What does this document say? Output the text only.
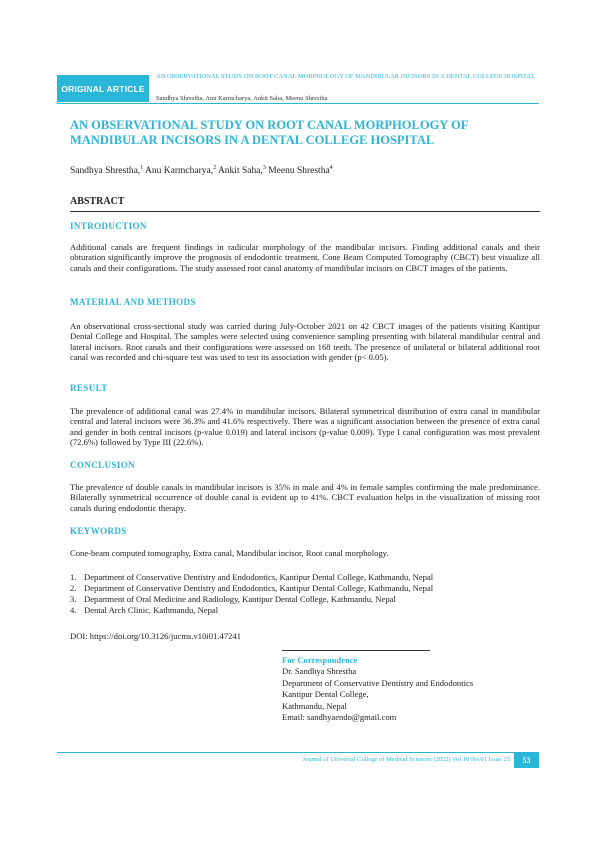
ORIGINAL ARTICLE
AN OBSERVATIONAL STUDY ON ROOT CANAL MORPHOLOGY OF MANDIBULAR INCISORS IN A DENTAL COLLEGE HOSPITAL
Sandhya Shrestha, Anu Karmcharya, Ankit Saha, Meenu Shrestha
AN OBSERVATIONAL STUDY ON ROOT CANAL MORPHOLOGY OF MANDIBULAR INCISORS IN A DENTAL COLLEGE HOSPITAL
Sandhya Shrestha,$^1$ Anu Karmcharya,$^2$ Ankit Saha,$^3$ Meenu Shrestha$^4$
ABSTRACT
INTRODUCTION
Additional canals are frequent findings in radicular morphology of the mandibular incisors. Finding additional canals and their obturation significantly improve the prognosis of endodontic treatment. Cone Beam Computed Tomography (CBCT) best visualize all canals and their configurations. The study assessed root canal anatomy of mandibular incisors on CBCT images of the patients.
MATERIAL AND METHODS
An observational cross-sectional study was carried during July-October 2021 on 42 CBCT images of the patients visiting Kantipur Dental College and Hospital. The samples were selected using convenience sampling presenting with bilateral mandibular central and lateral incisors. Root canals and their configurations were assessed on 168 teeth. The presence of unilateral or bilateral additional root canal was recorded and chi-square test was used to test its association with gender (p< 0.05).
RESULT
The prevalence of additional canal was 27.4% in mandibular incisors. Bilateral symmetrical distribution of extra canal in mandibular central and lateral incisors were 36.3% and 41.6% respectively. There was a significant association between the presence of extra canal and gender in both central incisors (p-value 0.019) and lateral incisors (p-value 0.009). Type I canal configuration was most prevalent (72.6%) followed by Type III (22.6%).
CONCLUSION
The prevalence of double canals in mandibular incisors is 35% in male and 4% in female samples confirming the male predominance. Bilaterally symmetrical occurrence of double canal is evident up to 41%. CBCT evaluation helps in the visualization of missing root canals during endodontic therapy.
KEYWORDS
Cone-beam computed tomography, Extra canal, Mandibular incisor, Root canal morphology.
1. Department of Conservative Dentistry and Endodontics, Kantipur Dental College, Kathmandu, Nepal
2. Department of Conservative Dentistry and Endodontics, Kantipur Dental College, Kathmandu, Nepal
3. Department of Oral Medicine and Radiology, Kantipur Dental College, Kathmandu, Nepal
4. Dental Arch Clinic, Kathmandu, Nepal
DOI: https://doi.org/10.3126/jucms.v10i01.47241
For Correspondence
Dr. Sandhya Shrestha
Department of Conservative Dentistry and Endodontics
Kantipur Dental College,
Kathmandu, Nepal
Email: sandhyaendo@gmail.com
Journal of Universal College of Medical Sciences (2022) Vol.10 No.01 Issue 25	53
